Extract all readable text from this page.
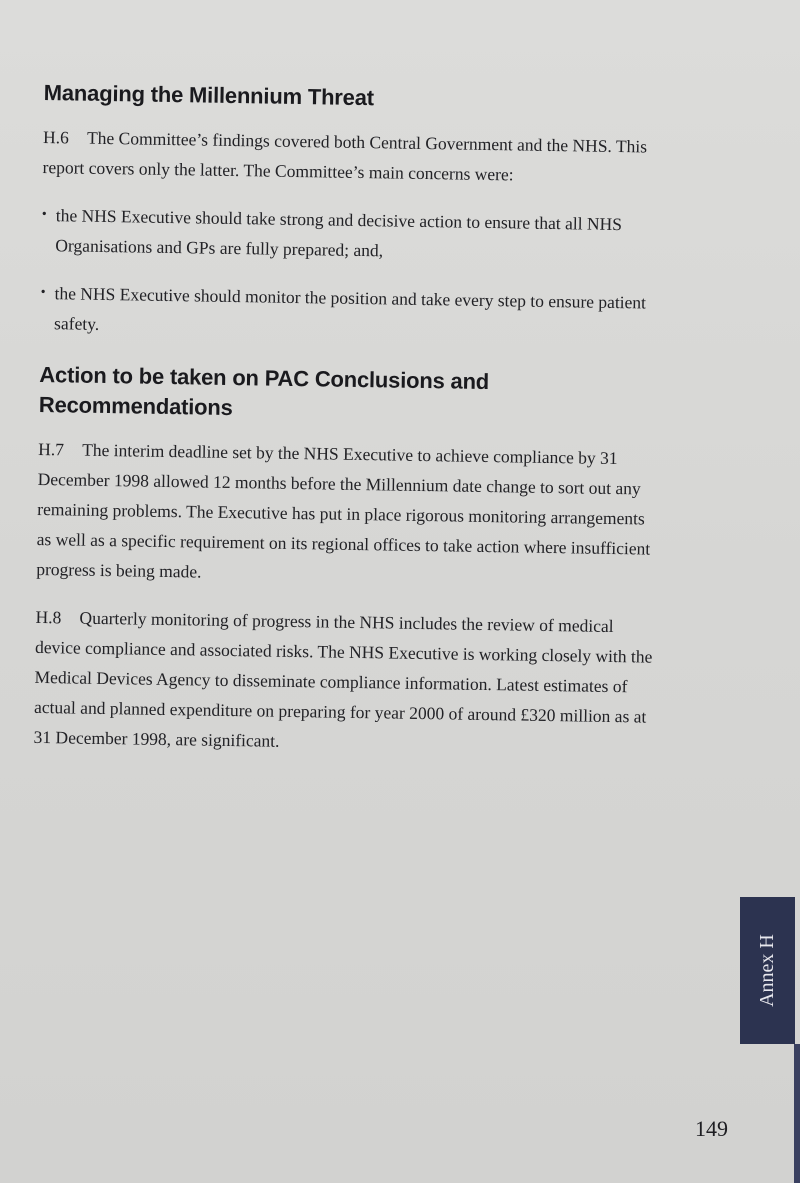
Managing the Millennium Threat

H.6 The Committee’s findings covered both Central Government and the NHS. This report covers only the latter. The Committee’s main concerns were:

• the NHS Executive should take strong and decisive action to ensure that all NHS Organisations and GPs are fully prepared; and,

• the NHS Executive should monitor the position and take every step to ensure patient safety.

Action to be taken on PAC Conclusions and Recommendations

H.7 The interim deadline set by the NHS Executive to achieve compliance by 31 December 1998 allowed 12 months before the Millennium date change to sort out any remaining problems. The Executive has put in place rigorous monitoring arrangements as well as a specific requirement on its regional offices to take action where insufficient progress is being made.

H.8 Quarterly monitoring of progress in the NHS includes the review of medical device compliance and associated risks. The NHS Executive is working closely with the Medical Devices Agency to disseminate compliance information. Latest estimates of actual and planned expenditure on preparing for year 2000 of around £320 million as at 31 December 1998, are significant.

Annex H
149
